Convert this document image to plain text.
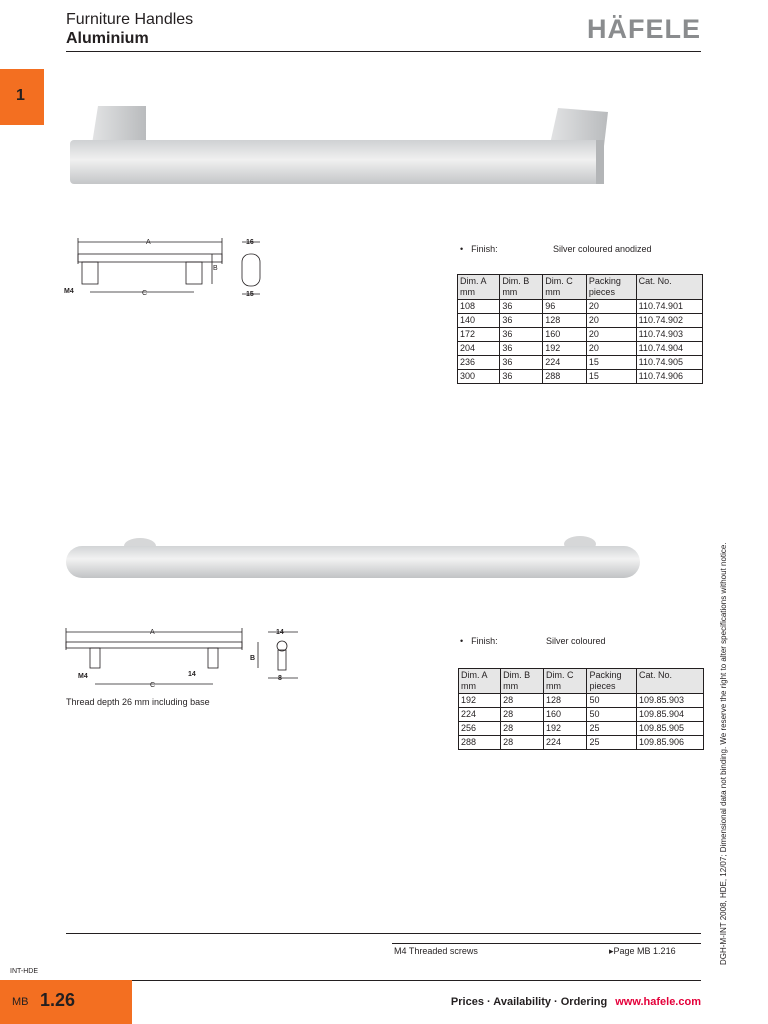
Furniture Handles
Aluminium	HÄFELE
1
A
B
C
M4
16
15
• Finish:	Silver coloured anodized
Dim. A
mm	Dim. B
mm	Dim. C
mm	Packing
pieces	Cat. No.
108	36	96	20	110.74.901
140	36	128	20	110.74.902
172	36	160	20	110.74.903
204	36	192	20	110.74.904
236	36	224	15	110.74.905
300	36	288	15	110.74.906
A
B
C
M4	14
14
8
Thread depth 26 mm including base
• Finish:	Silver coloured
Dim. A
mm	Dim. B
mm	Dim. C
mm	Packing
pieces	Cat. No.
192	28	128	50	109.85.903
224	28	160	50	109.85.904
256	28	192	25	109.85.905
288	28	224	25	109.85.906	DGH-M-INT 2008, HDE, 12/07; Dimensional data not binding. We reserve the right to alter specifications without notice.
M4 Threaded screws	▸Page MB 1.216
INT-HDE
MB 1.26	Prices · Availability · Ordering www.hafele.com
